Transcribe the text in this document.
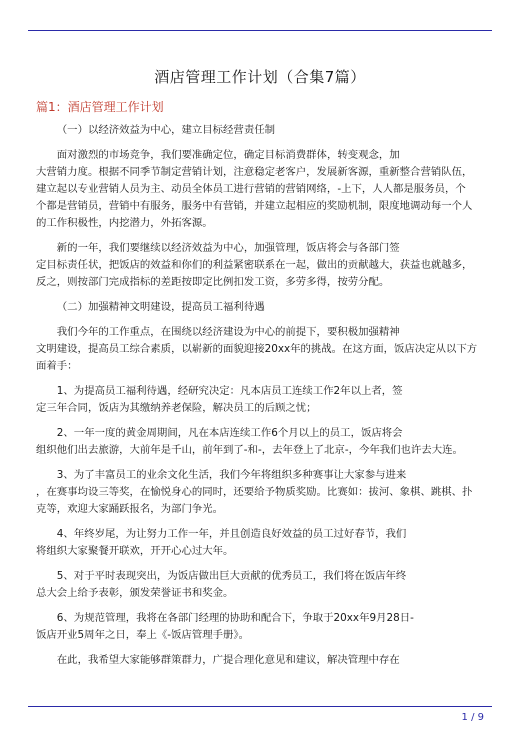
酒店管理工作计划（合集7篇）
篇1：酒店管理工作计划

（一）以经济效益为中心，建立目标经营责任制

面对激烈的市场竞争，我们要准确定位，确定目标消费群体，转变观念，加
大营销力度。根据不同季节制定营销计划，注意稳定老客户，发展新客源，重新整合营销队伍，
建立起以专业营销人员为主、动员全体员工进行营销的营销网络，-上下，人人都是服务员，个
个都是营销员，营销中有服务，服务中有营销，并建立起相应的奖励机制，限度地调动每一个人
的工作积极性，内挖潜力，外拓客源。

新的一年，我们要继续以经济效益为中心，加强管理，饭店将会与各部门签
定目标责任状，把饭店的效益和你们的利益紧密联系在一起，做出的贡献越大，获益也就越多，
反之，则按部门完成指标的差距按即定比例扣发工资，多劳多得，按劳分配。

（二）加强精神文明建设，提高员工福利待遇

我们今年的工作重点，在围绕以经济建设为中心的前提下，要积极加强精神
文明建设，提高员工综合素质，以崭新的面貌迎接20xx年的挑战。在这方面，饭店决定从以下方
面着手：

1、为提高员工福利待遇，经研究决定：凡本店员工连续工作2年以上者，签
定三年合同，饭店为其缴纳养老保险，解决员工的后顾之忧；

2、一年一度的黄金周期间，凡在本店连续工作6个月以上的员工，饭店将会
组织他们出去旅游，大前年是千山，前年到了-和-，去年登上了北京-，今年我们也许去大连。

3、为了丰富员工的业余文化生活，我们今年将组织多种赛事让大家参与进来
，在赛事均设三等奖，在愉悦身心的同时，还要给予物质奖励。比赛如：拔河、象棋、跳棋、扑
克等，欢迎大家踊跃报名，为部门争光。

4、年终岁尾，为让努力工作一年，并且创造良好效益的员工过好春节，我们
将组织大家聚餐开联欢，开开心心过大年。

5、对于平时表现突出，为饭店做出巨大贡献的优秀员工，我们将在饭店年终
总大会上给予表彰，颁发荣誉证书和奖金。

6、为规范管理，我将在各部门经理的协助和配合下，争取于20xx年9月28日-
饭店开业5周年之日，奉上《-饭店管理手册》。

在此，我希望大家能够群策群力，广提合理化意见和建议，解决管理中存在

1 / 9
